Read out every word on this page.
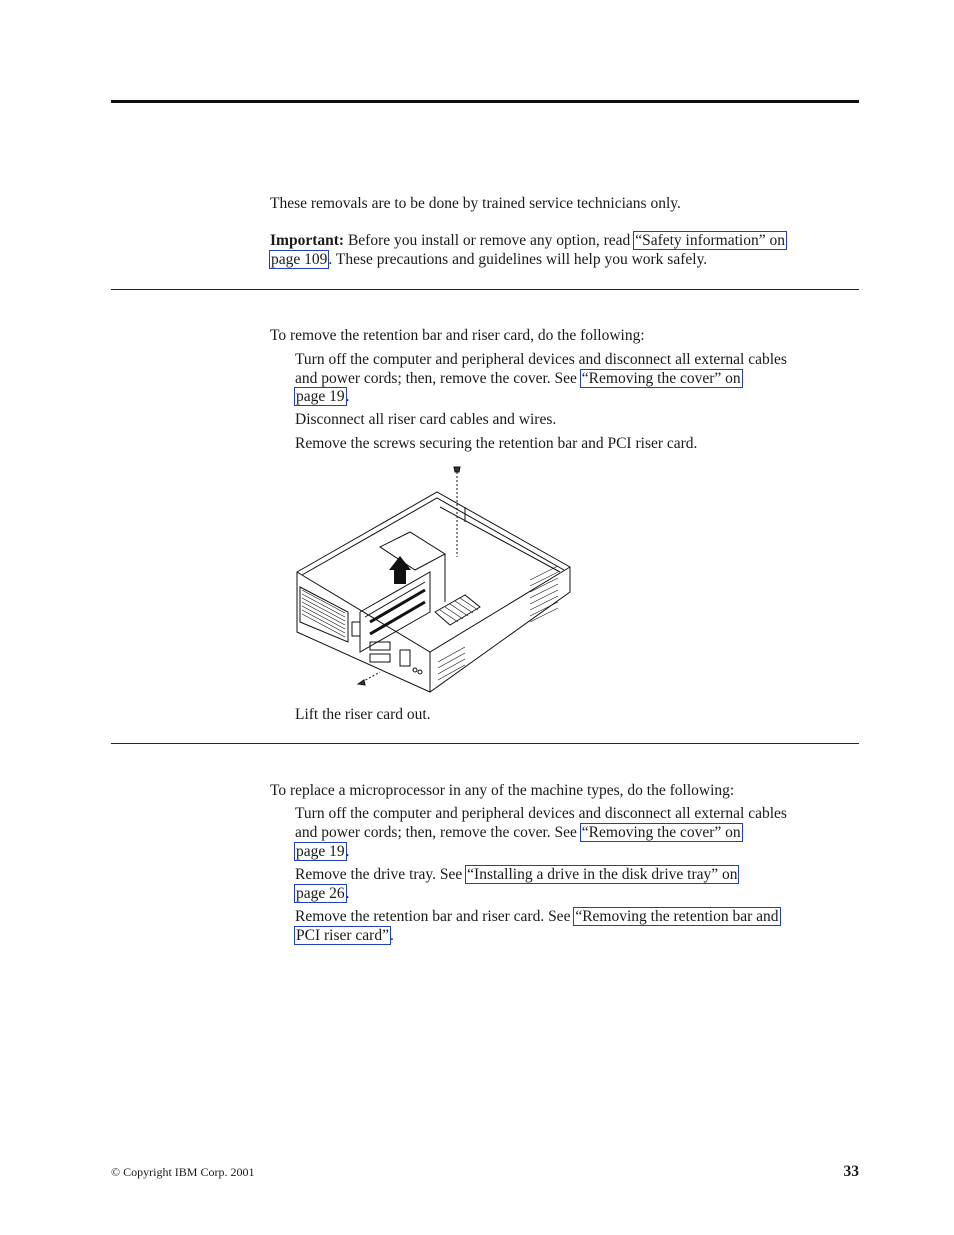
These removals are to be done by trained service technicians only.
Important: Before you install or remove any option, read “Safety information” on
page 109. These precautions and guidelines will help you work safely.
To remove the retention bar and riser card, do the following:
Turn off the computer and peripheral devices and disconnect all external cables
and power cords; then, remove the cover. See “Removing the cover” on
page 19.
Disconnect all riser card cables and wires.
Remove the screws securing the retention bar and PCI riser card.
Lift the riser card out.
To replace a microprocessor in any of the machine types, do the following:
Turn off the computer and peripheral devices and disconnect all external cables
and power cords; then, remove the cover. See “Removing the cover” on
page 19.
Remove the drive tray. See “Installing a drive in the disk drive tray” on
page 26.
Remove the retention bar and riser card. See “Removing the retention bar and
PCI riser card”.
© Copyright IBM Corp. 2001	33
